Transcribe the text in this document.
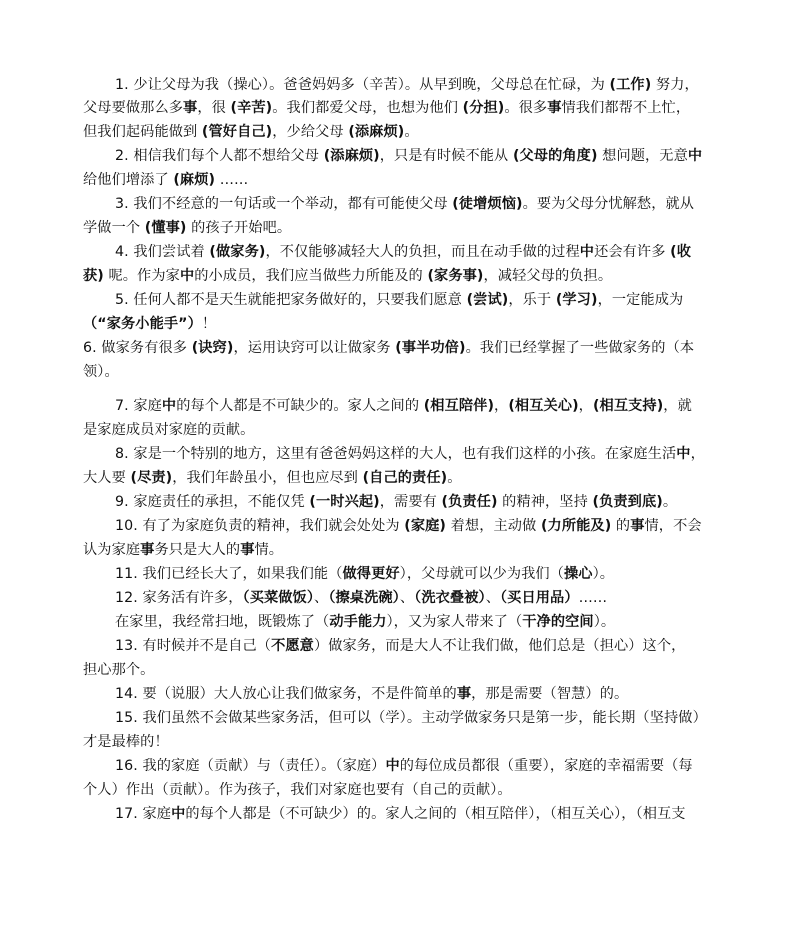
1. 少让父母为我（操心）。爸爸妈妈多（辛苦）。从早到晚，父母总在忙碌，为 (工作) 努力，
父母要做那么多事，很 (辛苦)。我们都爱父母，也想为他们 (分担)。很多事情我们都帮不上忙，
但我们起码能做到 (管好自己)，少给父母 (添麻烦)。
2. 相信我们每个人都不想给父母 (添麻烦)，只是有时候不能从 (父母的角度) 想问题，无意中
给他们增添了 (麻烦) ……
3. 我们不经意的一句话或一个举动，都有可能使父母 (徒增烦恼)。要为父母分忧解愁，就从
学做一个 (懂事) 的孩子开始吧。
4. 我们尝试着 (做家务)，不仅能够减轻大人的负担，而且在动手做的过程中还会有许多 (收
获) 呢。作为家中的小成员，我们应当做些力所能及的 (家务事)，减轻父母的负担。
5. 任何人都不是天生就能把家务做好的，只要我们愿意 (尝试)，乐于 (学习)，一定能成为
（“家务小能手”）！
6. 做家务有很多 (诀窍)，运用诀窍可以让做家务 (事半功倍)。我们已经掌握了一些做家务的（本
领）。
7. 家庭中的每个人都是不可缺少的。家人之间的 (相互陪伴)，(相互关心)，(相互支持)，就
是家庭成员对家庭的贡献。
8. 家是一个特别的地方，这里有爸爸妈妈这样的大人，也有我们这样的小孩。在家庭生活中，
大人要 (尽责)，我们年龄虽小，但也应尽到 (自己的责任)。
9. 家庭责任的承担，不能仅凭 (一时兴起)，需要有 (负责任) 的精神，坚持 (负责到底)。
10. 有了为家庭负责的精神，我们就会处处为 (家庭) 着想，主动做 (力所能及) 的事情，不会
认为家庭事务只是大人的事情。
11. 我们已经长大了，如果我们能（做得更好），父母就可以少为我们（操心）。
12. 家务活有许多，（买菜做饭）、（擦桌洗碗）、（洗衣叠被）、（买日用品）……
在家里，我经常扫地，既锻炼了（动手能力），又为家人带来了（干净的空间）。
13. 有时候并不是自己（不愿意）做家务，而是大人不让我们做，他们总是（担心）这个，
担心那个。
14. 要（说服）大人放心让我们做家务，不是件简单的事，那是需要（智慧）的。
15. 我们虽然不会做某些家务活，但可以（学）。主动学做家务只是第一步，能长期（坚持做）
才是最棒的！
16. 我的家庭（贡献）与（责任）。（家庭）中的每位成员都很（重要），家庭的幸福需要（每
个人）作出（贡献）。作为孩子，我们对家庭也要有（自己的贡献）。
17. 家庭中的每个人都是（不可缺少）的。家人之间的（相互陪伴），（相互关心），（相互支
